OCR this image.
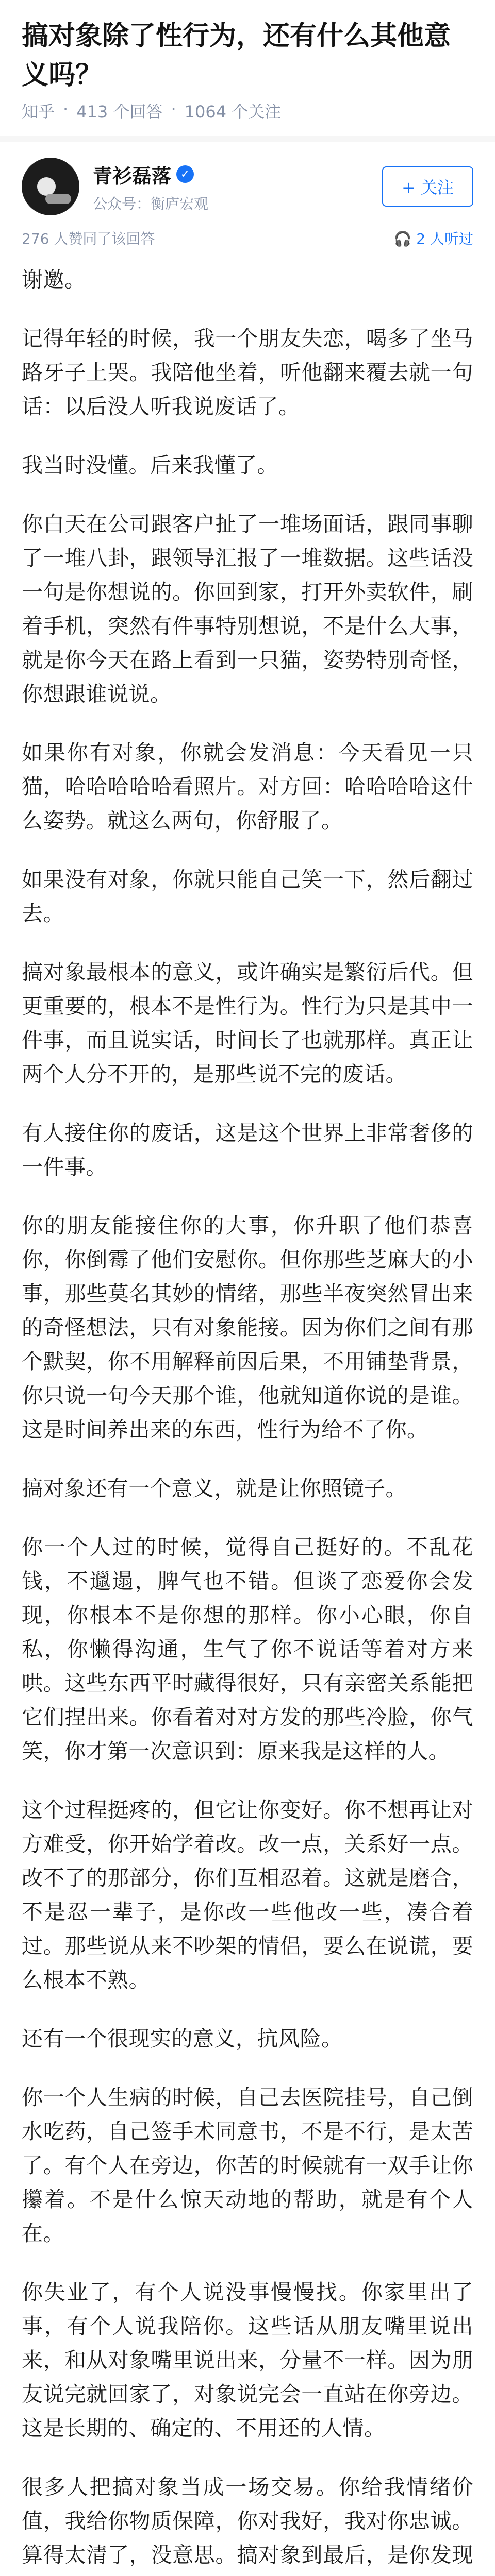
搞对象除了性行为，还有什么其他意义吗？
知乎 · 413 个回答 · 1064 个关注
青衫磊落 ✓
公众号：衡庐宏观
+ 关注
276 人赞同了该回答	🎧 2 人听过

谢邀。

记得年轻的时候，我一个朋友失恋，喝多了坐马路牙子上哭。我陪他坐着，听他翻来覆去就一句话：以后没人听我说废话了。

我当时没懂。后来我懂了。

你白天在公司跟客户扯了一堆场面话，跟同事聊了一堆八卦，跟领导汇报了一堆数据。这些话没一句是你想说的。你回到家，打开外卖软件，刷着手机，突然有件事特别想说，不是什么大事，就是你今天在路上看到一只猫，姿势特别奇怪，你想跟谁说说。

如果你有对象，你就会发消息：今天看见一只猫，哈哈哈哈哈看照片。对方回：哈哈哈哈这什么姿势。就这么两句，你舒服了。

如果没有对象，你就只能自己笑一下，然后翻过去。

搞对象最根本的意义，或许确实是繁衍后代。但更重要的，根本不是性行为。性行为只是其中一件事，而且说实话，时间长了也就那样。真正让两个人分不开的，是那些说不完的废话。

有人接住你的废话，这是这个世界上非常奢侈的一件事。

你的朋友能接住你的大事，你升职了他们恭喜你，你倒霉了他们安慰你。但你那些芝麻大的小事，那些莫名其妙的情绪，那些半夜突然冒出来的奇怪想法，只有对象能接。因为你们之间有那个默契，你不用解释前因后果，不用铺垫背景，你只说一句今天那个谁，他就知道你说的是谁。这是时间养出来的东西，性行为给不了你。

搞对象还有一个意义，就是让你照镜子。

你一个人过的时候，觉得自己挺好的。不乱花钱，不邋遢，脾气也不错。但谈了恋爱你会发现，你根本不是你想的那样。你小心眼，你自私，你懒得沟通，生气了你不说话等着对方来哄。这些东西平时藏得很好，只有亲密关系能把它们捏出来。你看着对对方发的那些冷脸，你气笑，你才第一次意识到：原来我是这样的人。

这个过程挺疼的，但它让你变好。你不想再让对方难受，你开始学着改。改一点，关系好一点。改不了的那部分，你们互相忍着。这就是磨合，不是忍一辈子，是你改一些他改一些，凑合着过。那些说从来不吵架的情侣，要么在说谎，要么根本不熟。

还有一个很现实的意义，抗风险。

你一个人生病的时候，自己去医院挂号，自己倒水吃药，自己签手术同意书，不是不行，是太苦了。有个人在旁边，你苦的时候就有一双手让你攥着。不是什么惊天动地的帮助，就是有个人在。

你失业了，有个人说没事慢慢找。你家里出了事，有个人说我陪你。这些话从朋友嘴里说出来，和从对象嘴里说出来，分量不一样。因为朋友说完就回家了，对象说完会一直站在你旁边。这是长期的、确定的、不用还的人情。

很多人把搞对象当成一场交易。你给我情绪价值，我给你物质保障，你对我好，我对你忠诚。算得太清了，没意思。搞对象到最后，是你发现
